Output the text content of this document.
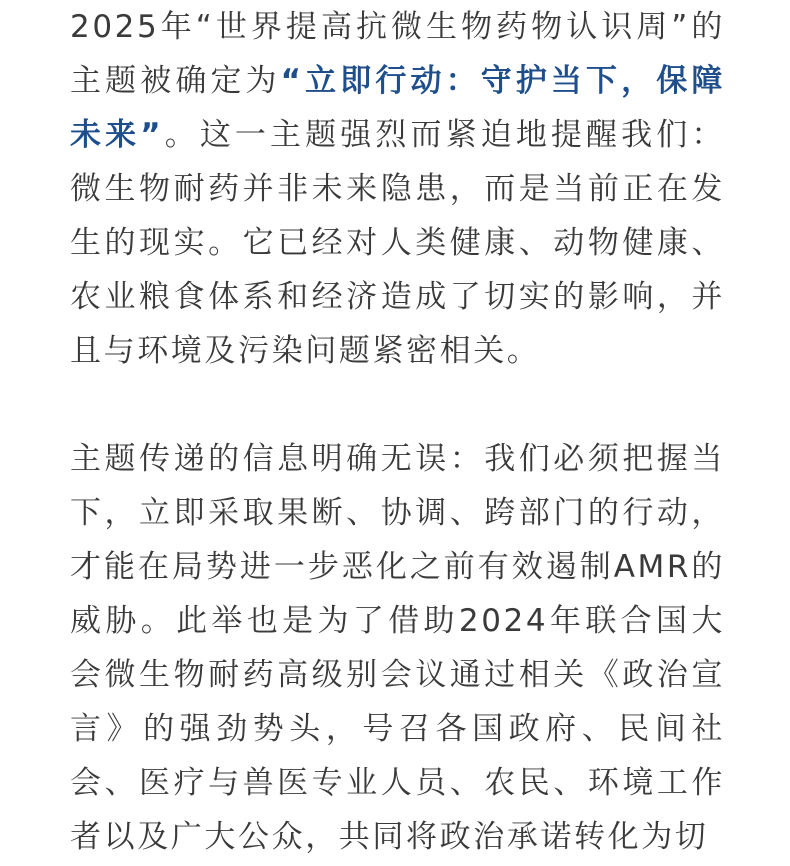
2025年“世界提高抗微生物药物认识周”的主题被确定为“立即行动：守护当下，保障未来”。这一主题强烈而紧迫地提醒我们：微生物耐药并非未来隐患，而是当前正在发生的现实。它已经对人类健康、动物健康、农业粮食体系和经济造成了切实的影响，并且与环境及污染问题紧密相关。

主题传递的信息明确无误：我们必须把握当下，立即采取果断、协调、跨部门的行动，才能在局势进一步恶化之前有效遏制AMR的威胁。此举也是为了借助2024年联合国大会微生物耐药高级别会议通过相关《政治宣言》的强劲势头，号召各国政府、民间社会、医疗与兽医专业人员、农民、环境工作者以及广大公众，共同将政治承诺转化为切
